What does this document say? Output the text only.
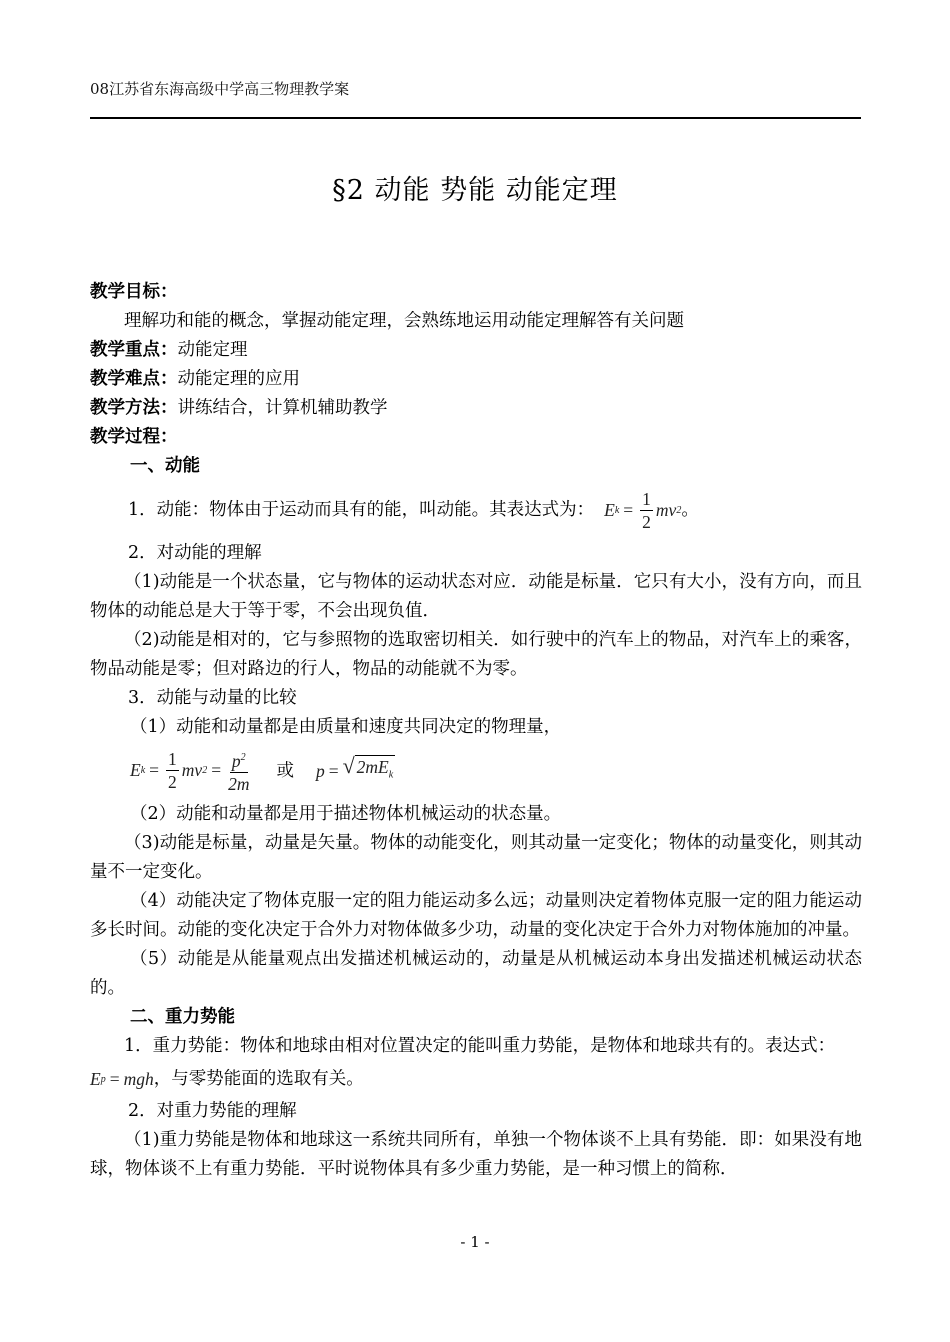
08江苏省东海高级中学高三物理教学案
§2 动能 势能 动能定理

教学目标：

理解功和能的概念，掌握动能定理，会熟练地运用动能定理解答有关问题

教学重点：动能定理

教学难点：动能定理的应用

教学方法：讲练结合，计算机辅助教学

教学过程：

一、动能

1．动能：物体由于运动而具有的能，叫动能。其表达式为： E $k = \frac{1}{2}$ mv 2 。

2．对动能的理解

（1)动能是一个状态量，它与物体的运动状态对应．动能是标量．它只有大小，没有方向，而且物体的动能总是大于等于零，不会出现负值．

（2)动能是相对的，它与参照物的选取密切相关．如行驶中的汽车上的物品，对汽车上的乘客，物品动能是零；但对路边的行人，物品的动能就不为零。

3．动能与动量的比较

（1）动能和动量都是由质量和速度共同决定的物理量，

E $k = \frac{1}{2}$ mv $2 = \frac{p^2}{2m}$ 或 p = √ $2mE_k$

（2）动能和动量都是用于描述物体机械运动的状态量。

（3)动能是标量，动量是矢量。物体的动能变化，则其动量一定变化；物体的动量变化，则其动量不一定变化。

（4）动能决定了物体克服一定的阻力能运动多么远；动量则决定着物体克服一定的阻力能运动多长时间。动能的变化决定于合外力对物体做多少功，动量的变化决定于合外力对物体施加的冲量。

（5）动能是从能量观点出发描述机械运动的，动量是从机械运动本身出发描述机械运动状态的。

二、重力势能

1．重力势能：物体和地球由相对位置决定的能叫重力势能，是物体和地球共有的。表达式：

E p = mgh ，与零势能面的选取有关。

2．对重力势能的理解

（1)重力势能是物体和地球这一系统共同所有，单独一个物体谈不上具有势能．即：如果没有地球，物体谈不上有重力势能．平时说物体具有多少重力势能，是一种习惯上的简称．

- 1 -
